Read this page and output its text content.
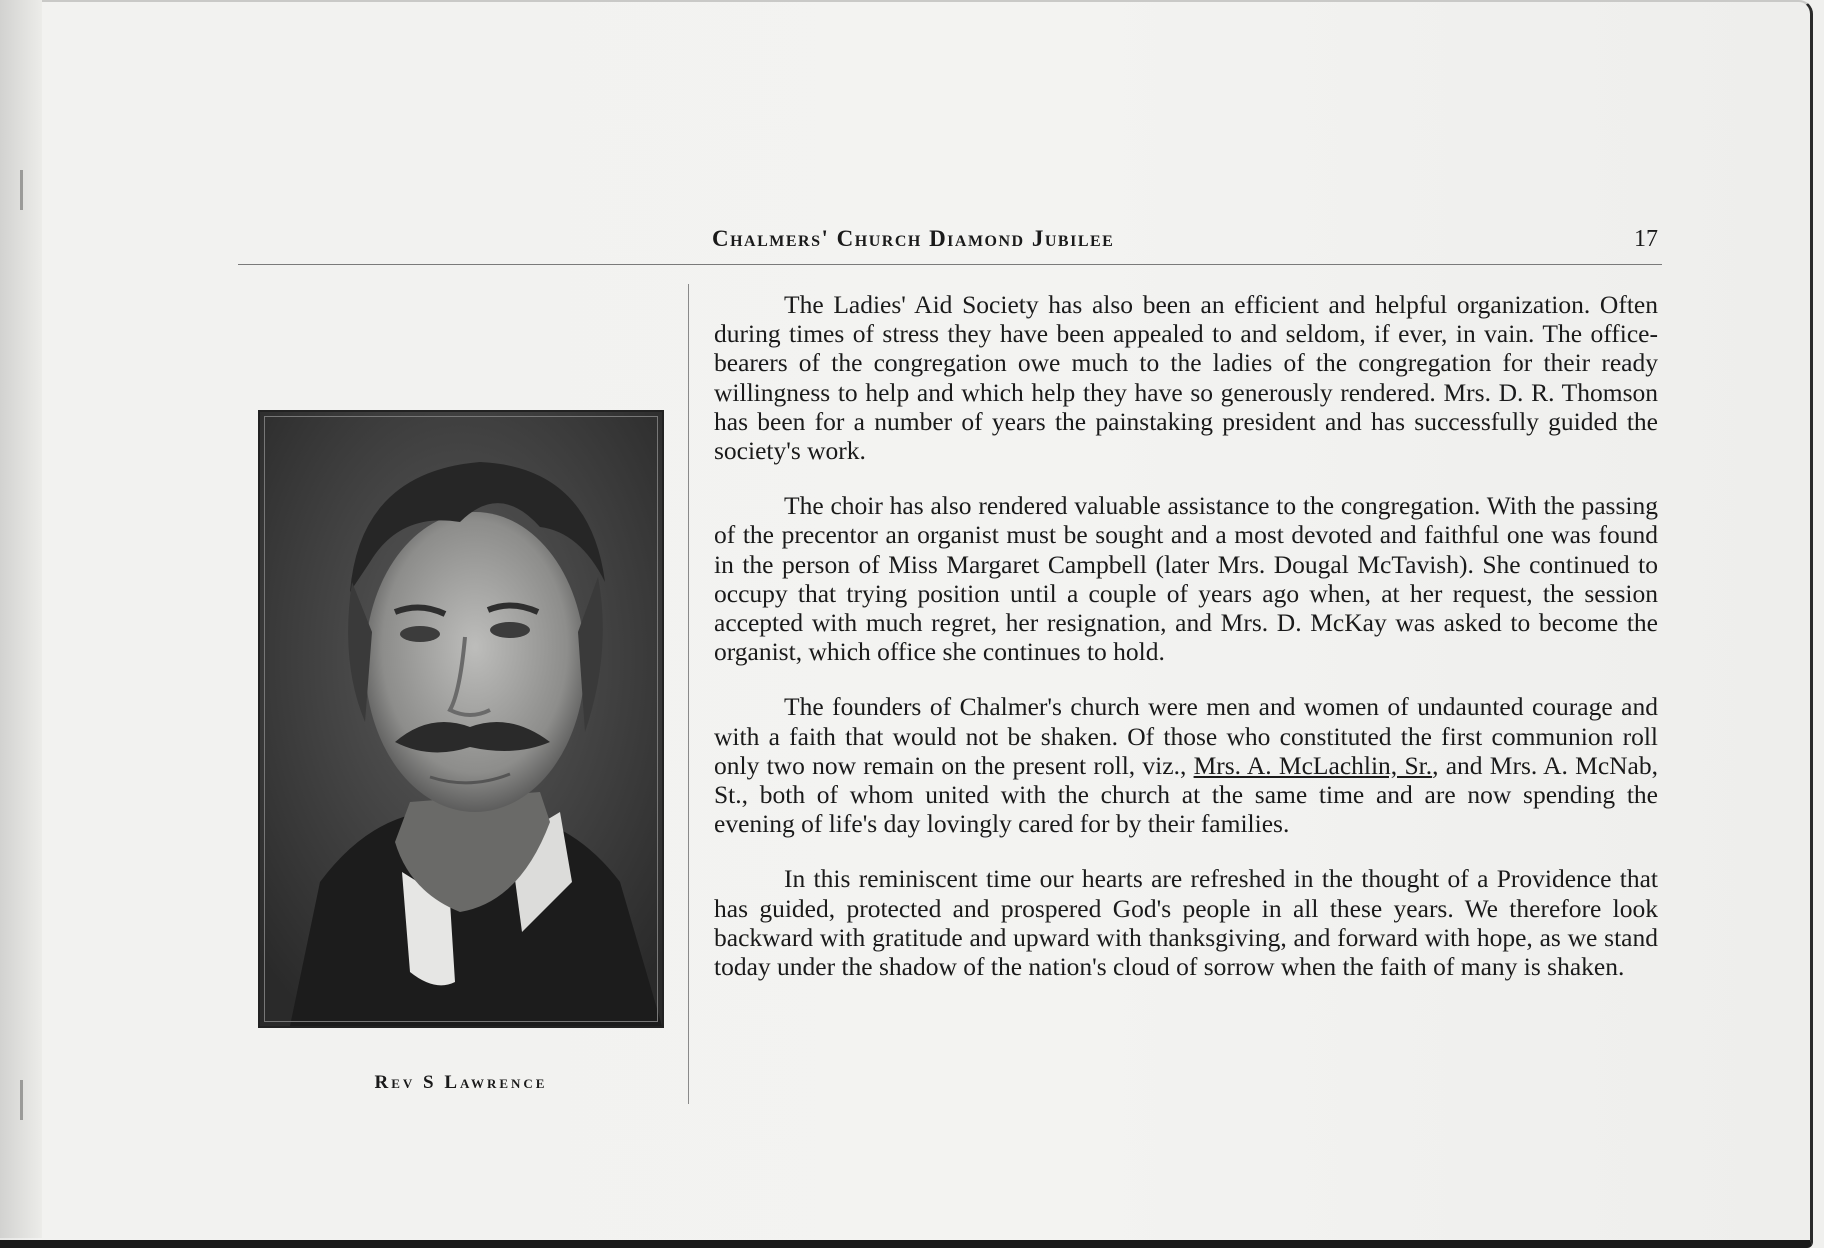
Chalmers' Church Diamond Jubilee	17
Rev S Lawrence

The Ladies' Aid Society has also been an efficient and helpful organization. Often during times of stress they have been appealed to and seldom, if ever, in vain. The office-bearers of the congregation owe much to the ladies of the congregation for their ready willingness to help and which help they have so generously rendered. Mrs. D. R. Thomson has been for a number of years the painstaking president and has successfully guided the society's work.

The choir has also rendered valuable assistance to the congregation. With the passing of the precentor an organist must be sought and a most devoted and faithful one was found in the person of Miss Margaret Campbell (later Mrs. Dougal McTavish). She continued to occupy that trying position until a couple of years ago when, at her request, the session accepted with much regret, her resignation, and Mrs. D. McKay was asked to become the organist, which office she continues to hold.

The founders of Chalmer's church were men and women of undaunted courage and with a faith that would not be shaken. Of those who constituted the first communion roll only two now remain on the present roll, viz., Mrs. A. McLachlin, Sr., and Mrs. A. McNab, St., both of whom united with the church at the same time and are now spending the evening of life's day lovingly cared for by their families.

In this reminiscent time our hearts are refreshed in the thought of a Providence that has guided, protected and prospered God's people in all these years. We therefore look backward with gratitude and upward with thanksgiving, and forward with hope, as we stand today under the shadow of the nation's cloud of sorrow when the faith of many is shaken.
